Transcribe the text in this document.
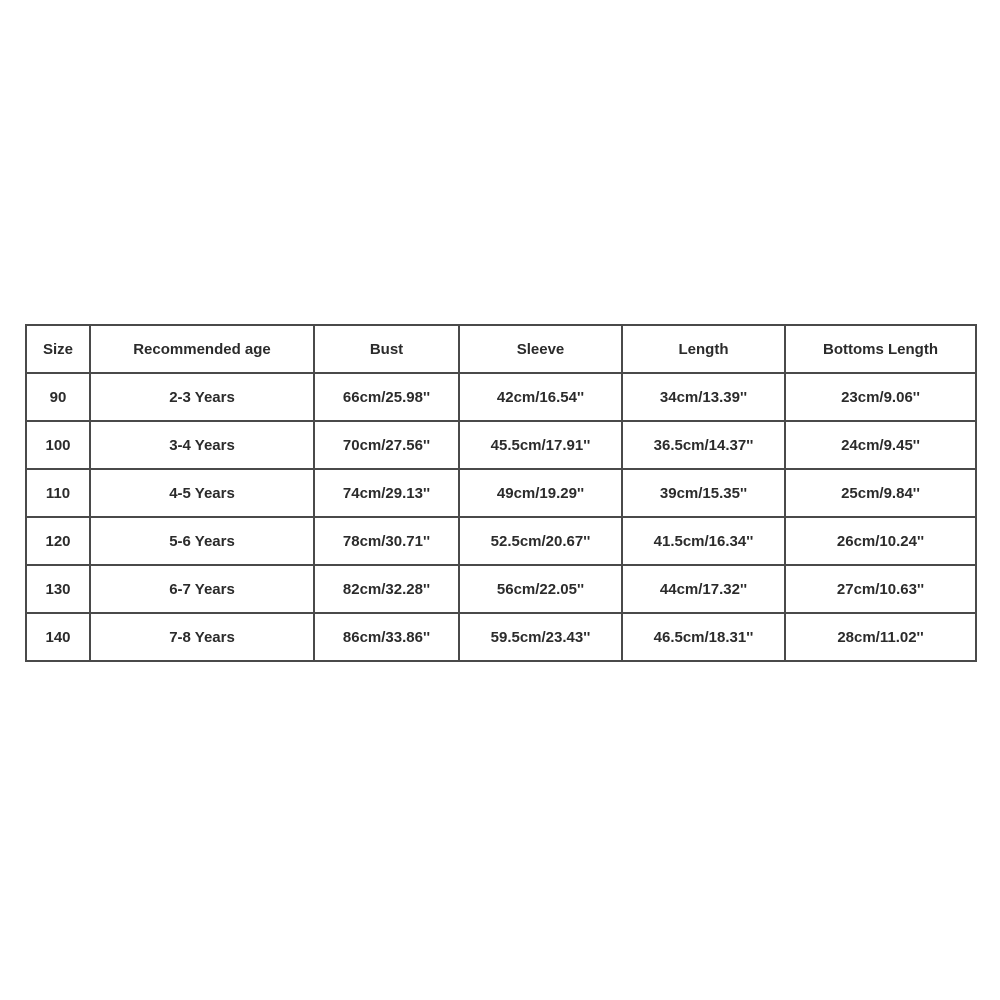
Size	Recommended age	Bust	Sleeve	Length	Bottoms Length
90	2-3 Years	66cm/25.98''	42cm/16.54''	34cm/13.39''	23cm/9.06''
100	3-4 Years	70cm/27.56''	45.5cm/17.91''	36.5cm/14.37''	24cm/9.45''
110	4-5 Years	74cm/29.13''	49cm/19.29''	39cm/15.35''	25cm/9.84''
120	5-6 Years	78cm/30.71''	52.5cm/20.67''	41.5cm/16.34''	26cm/10.24''
130	6-7 Years	82cm/32.28''	56cm/22.05''	44cm/17.32''	27cm/10.63''
140	7-8 Years	86cm/33.86''	59.5cm/23.43''	46.5cm/18.31''	28cm/11.02''
